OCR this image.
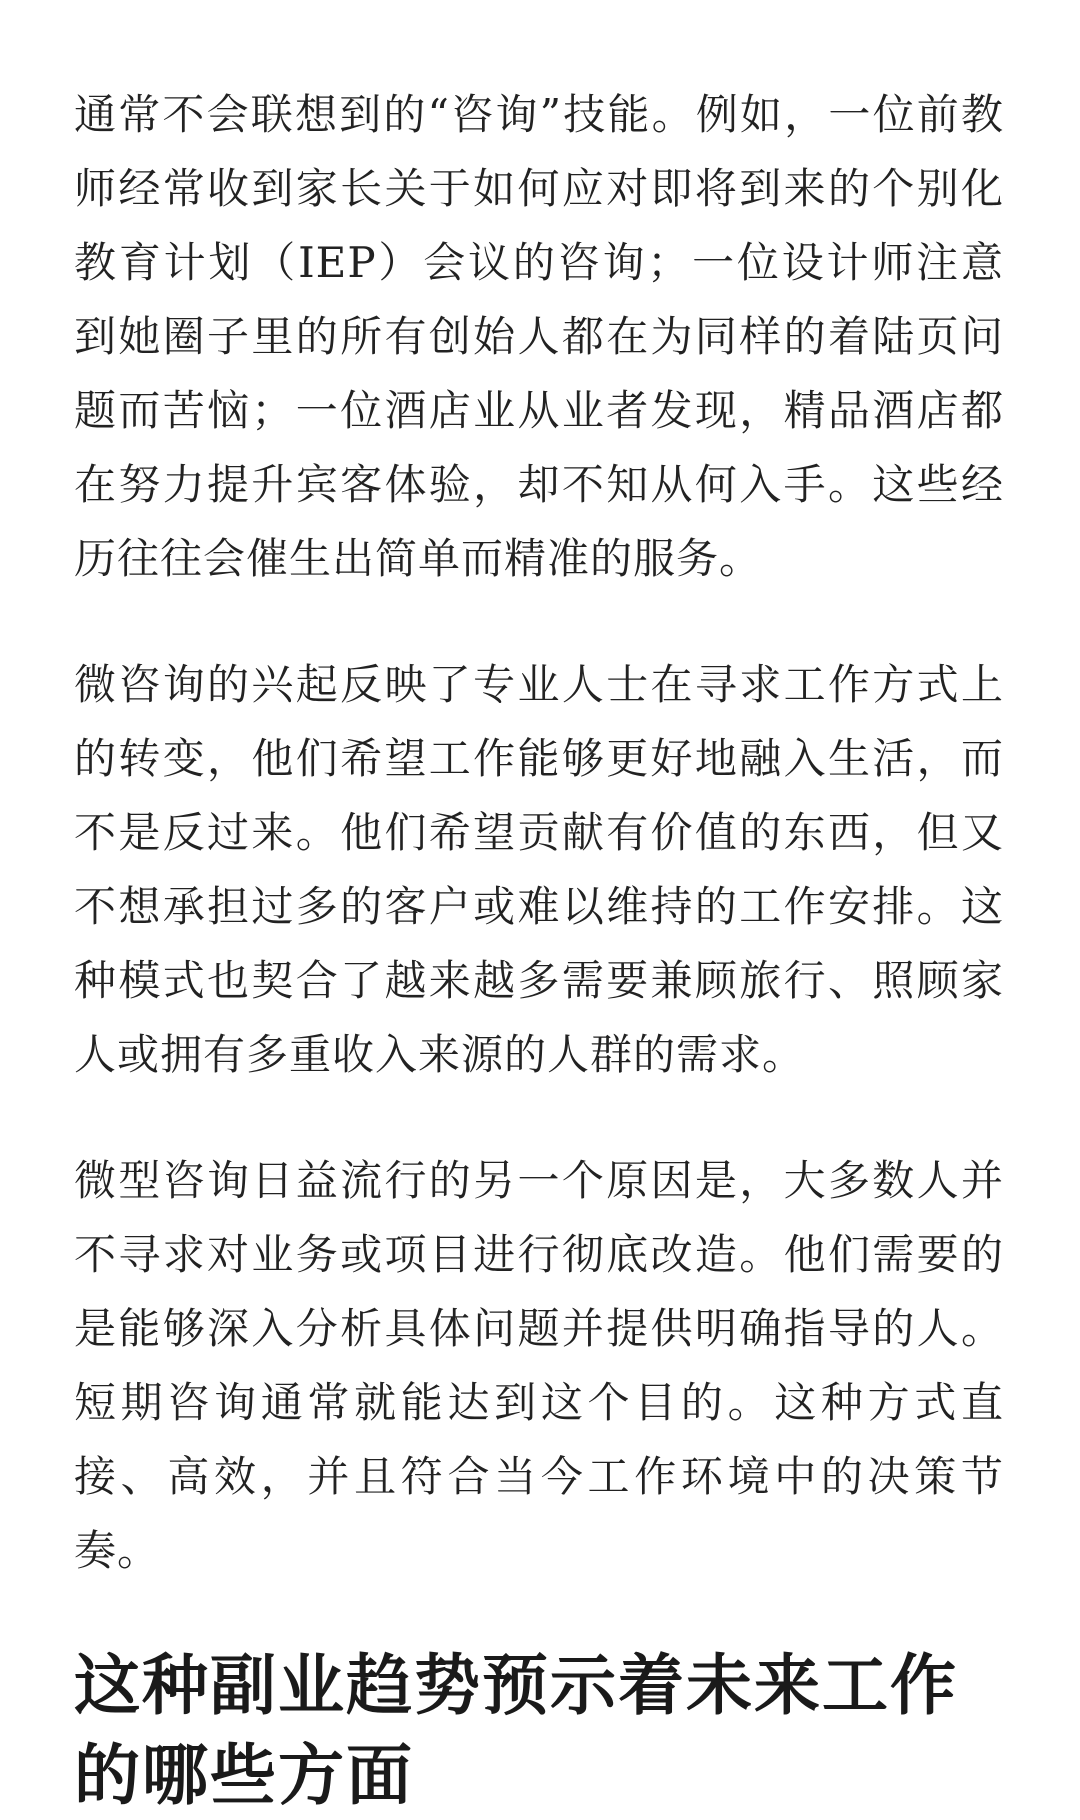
通常不会联想到的“咨询”技能。例如，一位前教师经常收到家长关于如何应对即将到来的个别化教育计划（IEP）会议的咨询；一位设计师注意到她圈子里的所有创始人都在为同样的着陆页问题而苦恼；一位酒店业从业者发现，精品酒店都在努力提升宾客体验，却不知从何入手。这些经历往往会催生出简单而精准的服务。

微咨询的兴起反映了专业人士在寻求工作方式上的转变，他们希望工作能够更好地融入生活，而不是反过来。他们希望贡献有价值的东西，但又不想承担过多的客户或难以维持的工作安排。这种模式也契合了越来越多需要兼顾旅行、照顾家人或拥有多重收入来源的人群的需求。

微型咨询日益流行的另一个原因是，大多数人并不寻求对业务或项目进行彻底改造。他们需要的是能够深入分析具体问题并提供明确指导的人。短期咨询通常就能达到这个目的。这种方式直接、高效，并且符合当今工作环境中的决策节奏。

这种副业趋势预示着未来工作的哪些方面
